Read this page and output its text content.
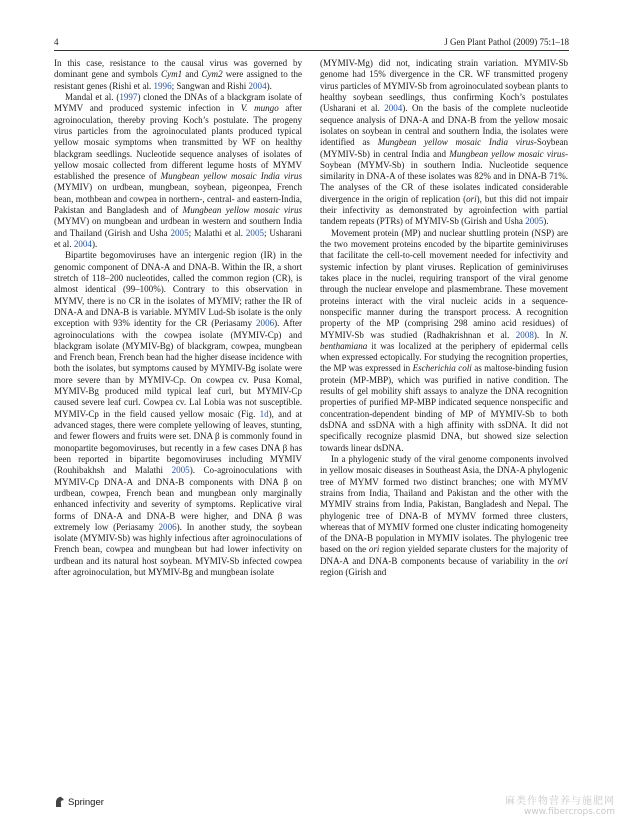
4	J Gen Plant Pathol (2009) 75:1–18

In this case, resistance to the causal virus was governed by dominant gene and symbols Cym1 and Cym2 were assigned to the resistant genes (Rishi et al. 1996; Sangwan and Rishi 2004).

Mandal et al. (1997) cloned the DNAs of a blackgram isolate of MYMV and produced systemic infection in V. mungo after agroinoculation, thereby proving Koch’s postulate. The progeny virus particles from the agroinoculated plants produced typical yellow mosaic symptoms when transmitted by WF on healthy blackgram seedlings. Nucleotide sequence analyses of isolates of yellow mosaic collected from different legume hosts of MYMV established the presence of Mungbean yellow mosaic India virus (MYMIV) on urdbean, mungbean, soybean, pigeonpea, French bean, mothbean and cowpea in northern-, central- and eastern-India, Pakistan and Bangladesh and of Mungbean yellow mosaic virus (MYMV) on mungbean and urdbean in western and southern India and Thailand (Girish and Usha 2005; Malathi et al. 2005; Usharani et al. 2004).

Bipartite begomoviruses have an intergenic region (IR) in the genomic component of DNA-A and DNA-B. Within the IR, a short stretch of 118–200 nucleotides, called the common region (CR), is almost identical (99–100%). Contrary to this observation in MYMV, there is no CR in the isolates of MYMIV; rather the IR of DNA-A and DNA-B is variable. MYMIV Lud-Sb isolate is the only exception with 93% identity for the CR (Periasamy 2006). After agroinoculations with the cowpea isolate (MYMIV-Cp) and blackgram isolate (MYMIV-Bg) of blackgram, cowpea, mungbean and French bean, French bean had the higher disease incidence with both the isolates, but symptoms caused by MYMIV-Bg isolate were more severe than by MYMIV-Cp. On cowpea cv. Pusa Komal, MYMIV-Bg produced mild typical leaf curl, but MYMIV-Cp caused severe leaf curl. Cowpea cv. Lal Lobia was not susceptible. MYMIV-Cp in the field caused yellow mosaic (Fig. 1d), and at advanced stages, there were complete yellowing of leaves, stunting, and fewer flowers and fruits were set. DNA β is commonly found in monopartite begomoviruses, but recently in a few cases DNA β has been reported in bipartite begomoviruses including MYMIV (Rouhibakhsh and Malathi 2005). Co-agroinoculations with MYMIV-Cp DNA-A and DNA-B components with DNA β on urdbean, cowpea, French bean and mungbean only marginally enhanced infectivity and severity of symptoms. Replicative viral forms of DNA-A and DNA-B were higher, and DNA β was extremely low (Periasamy 2006). In another study, the soybean isolate (MYMIV-Sb) was highly infectious after agroinoculations of French bean, cowpea and mungbean but had lower infectivity on urdbean and its natural host soybean. MYMIV-Sb infected cowpea after agroinoculation, but MYMIV-Bg and mungbean isolate

(MYMIV-Mg) did not, indicating strain variation. MYMIV-Sb genome had 15% divergence in the CR. WF transmitted progeny virus particles of MYMIV-Sb from agroinoculated soybean plants to healthy soybean seedlings, thus confirming Koch’s postulates (Usharani et al. 2004). On the basis of the complete nucleotide sequence analysis of DNA-A and DNA-B from the yellow mosaic isolates on soybean in central and southern India, the isolates were identified as Mungbean yellow mosaic India virus-Soybean (MYMIV-Sb) in central India and Mungbean yellow mosaic virus-Soybean (MYMV-Sb) in southern India. Nucleotide sequence similarity in DNA-A of these isolates was 82% and in DNA-B 71%. The analyses of the CR of these isolates indicated considerable divergence in the origin of replication (ori), but this did not impair their infectivity as demonstrated by agroinfection with partial tandem repeats (PTRs) of MYMIV-Sb (Girish and Usha 2005).

Movement protein (MP) and nuclear shuttling protein (NSP) are the two movement proteins encoded by the bipartite geminiviruses that facilitate the cell-to-cell movement needed for infectivity and systemic infection by plant viruses. Replication of geminiviruses takes place in the nuclei, requiring transport of the viral genome through the nuclear envelope and plasmembrane. These movement proteins interact with the viral nucleic acids in a sequence-nonspecific manner during the transport process. A recognition property of the MP (comprising 298 amino acid residues) of MYMIV-Sb was studied (Radhakrishnan et al. 2008). In N. benthamiana it was localized at the periphery of epidermal cells when expressed ectopically. For studying the recognition properties, the MP was expressed in Escherichia coli as maltose-binding fusion protein (MP-MBP), which was purified in native condition. The results of gel mobility shift assays to analyze the DNA recognition properties of purified MP-MBP indicated sequence nonspecific and concentration-dependent binding of MP of MYMIV-Sb to both dsDNA and ssDNA with a high affinity with ssDNA. It did not specifically recognize plasmid DNA, but showed size selection towards linear dsDNA.

In a phylogenic study of the viral genome components involved in yellow mosaic diseases in Southeast Asia, the DNA-A phylogenic tree of MYMV formed two distinct branches; one with MYMV strains from India, Thailand and Pakistan and the other with the MYMIV strains from India, Pakistan, Bangladesh and Nepal. The phylogenic tree of DNA-B of MYMV formed three clusters, whereas that of MYMIV formed one cluster indicating homogeneity of the DNA-B population in MYMIV isolates. The phylogenic tree based on the ori region yielded separate clusters for the majority of DNA-A and DNA-B components because of variability in the ori region (Girish and

Springer	麻类作物营养与施肥网
www.fibercrops.com
